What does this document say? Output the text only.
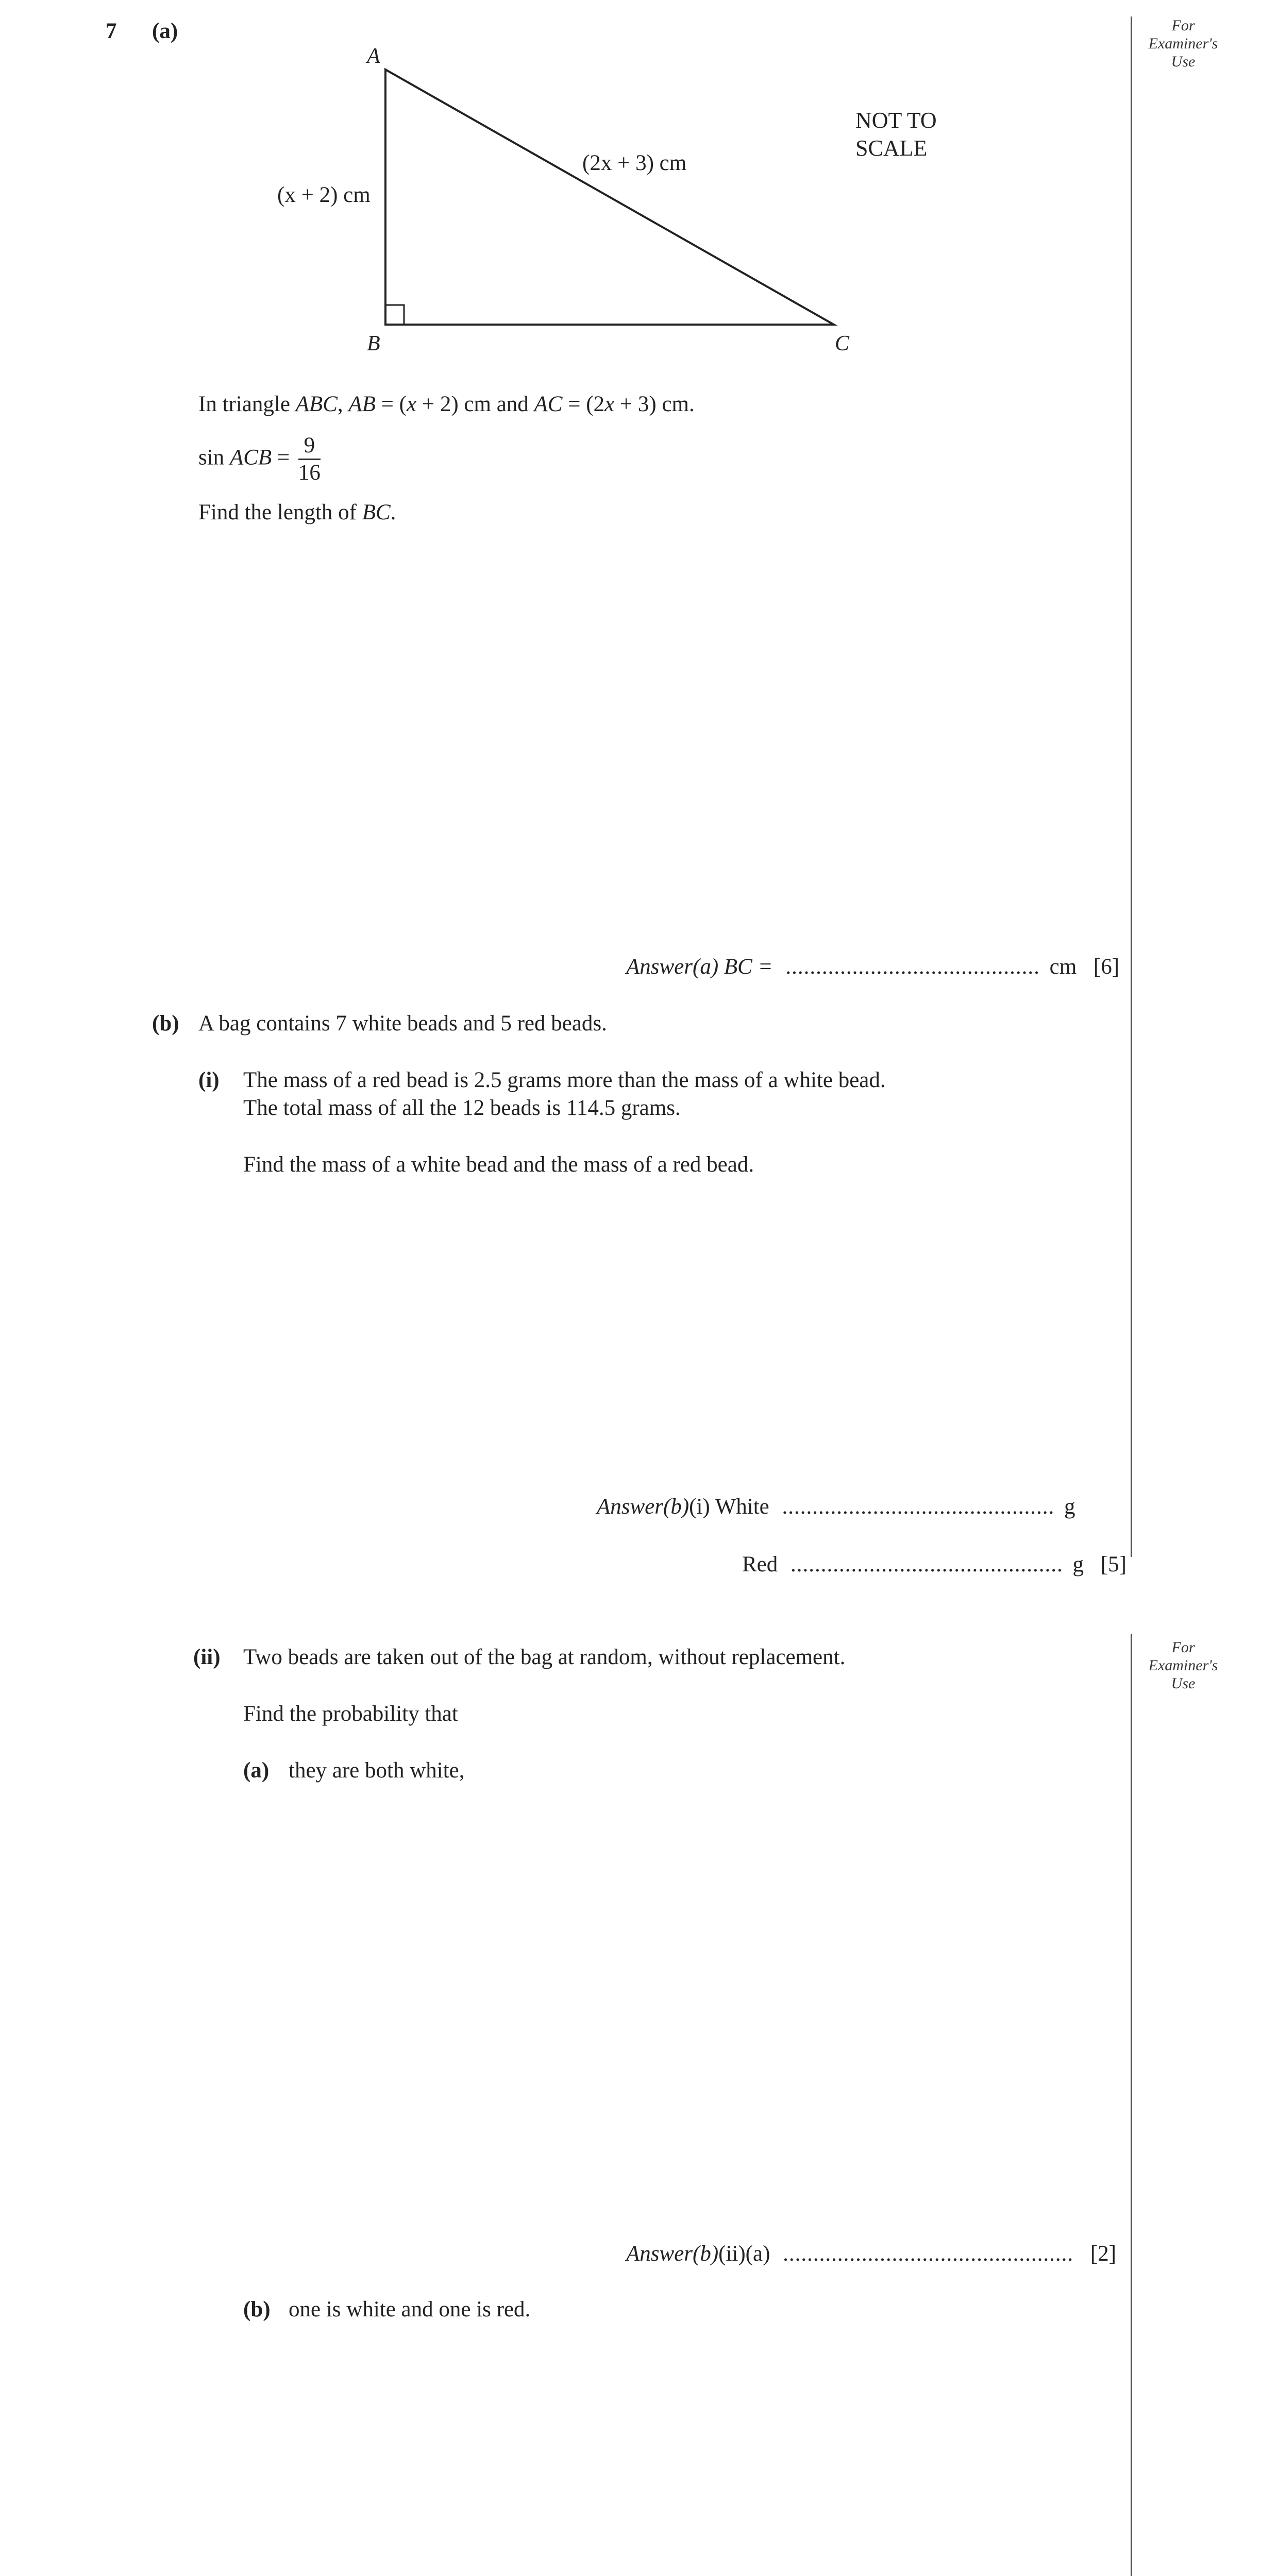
For
Examiner's
Use
For
Examiner's
Use
7 (a)
A
B	C
(x + 2) cm
(2x + 3) cm
NOT TO
SCALE
In triangle ABC, AB = (x + 2) cm and AC = (2x + 3) cm.
sin ACB = $\frac{9}{16}$
Find the length of BC.
Answer(a) BC = .......................................... cm [6]
(b) A bag contains 7 white beads and 5 red beads.
(i) The mass of a red bead is 2.5 grams more than the mass of a white bead.
The total mass of all the 12 beads is 114.5 grams.
Find the mass of a white bead and the mass of a red bead.
Answer(b)(i) White ............................................. g
Red ............................................. g [5]
(ii) Two beads are taken out of the bag at random, without replacement.
Find the probability that
(a) they are both white,
Answer(b)(ii)(a) ................................................ [2]
(b) one is white and one is red.
